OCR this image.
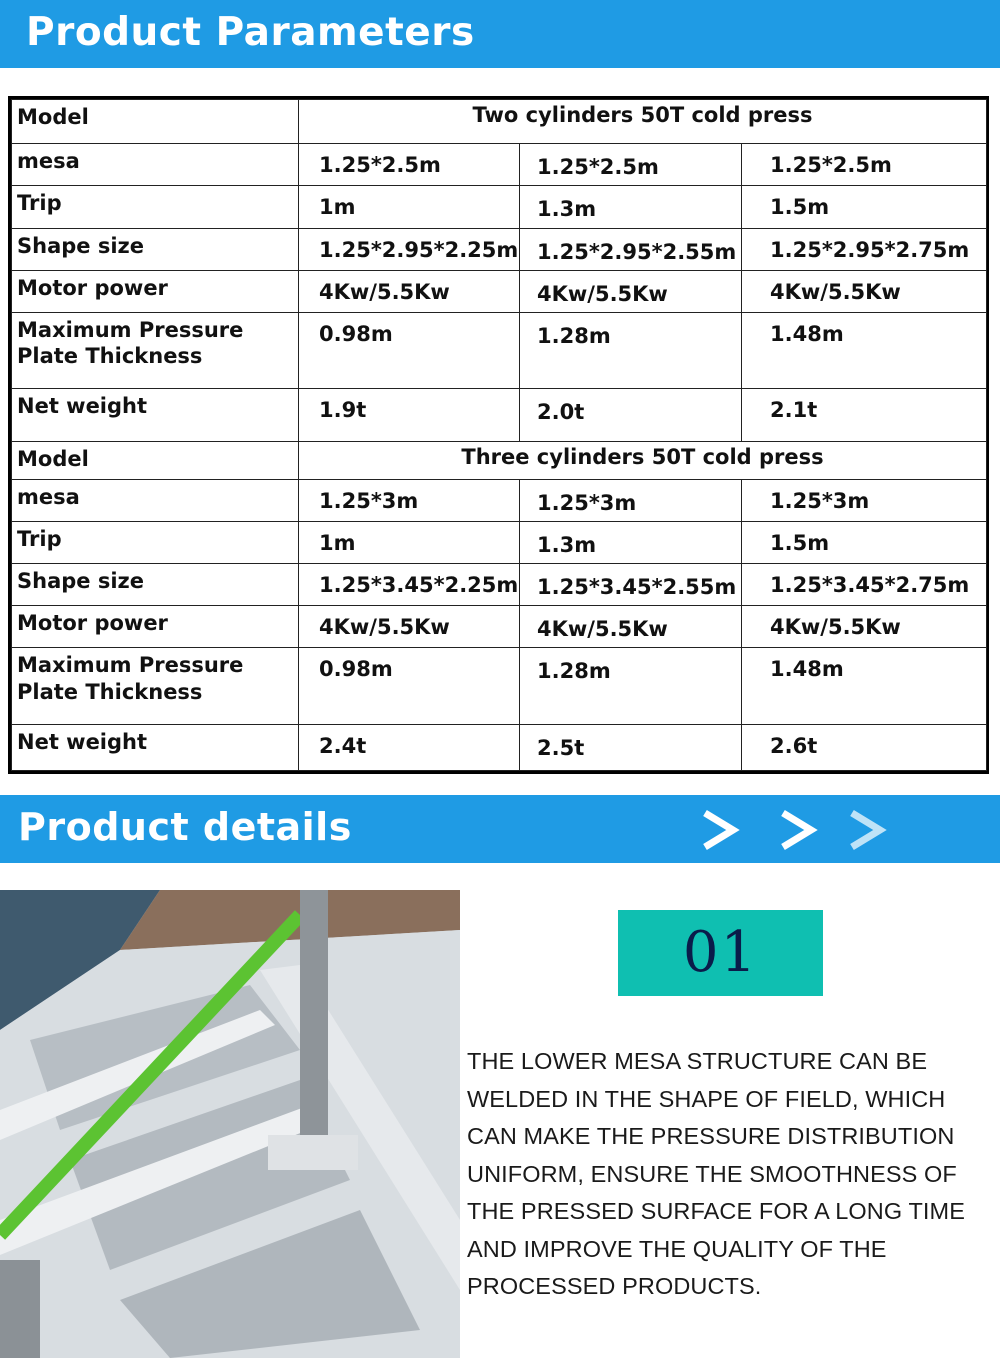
Product Parameters
Model	Two cylinders 50T cold press		
mesa	1.25*2.5m	1.25*2.5m	1.25*2.5m
Trip	1m	1.3m	1.5m
Shape size	1.25*2.95*2.25m	1.25*2.95*2.55m	1.25*2.95*2.75m
Motor power	4Kw/5.5Kw	4Kw/5.5Kw	4Kw/5.5Kw
Maximum Pressure
Plate Thickness	0.98m	1.28m	1.48m
Net weight	1.9t	2.0t	2.1t
Model	Three cylinders 50T cold press		
mesa	1.25*3m	1.25*3m	1.25*3m
Trip	1m	1.3m	1.5m
Shape size	1.25*3.45*2.25m	1.25*3.45*2.55m	1.25*3.45*2.75m
Motor power	4Kw/5.5Kw	4Kw/5.5Kw	4Kw/5.5Kw
Maximum Pressure
Plate Thickness	0.98m	1.28m	1.48m
Net weight	2.4t	2.5t	2.6t
Product details
01
THE LOWER MESA STRUCTURE CAN BE
WELDED IN THE SHAPE OF FIELD, WHICH
CAN MAKE THE PRESSURE DISTRIBUTION
UNIFORM, ENSURE THE SMOOTHNESS OF
THE PRESSED SURFACE FOR A LONG TIME
AND IMPROVE THE QUALITY OF THE
PROCESSED PRODUCTS.
